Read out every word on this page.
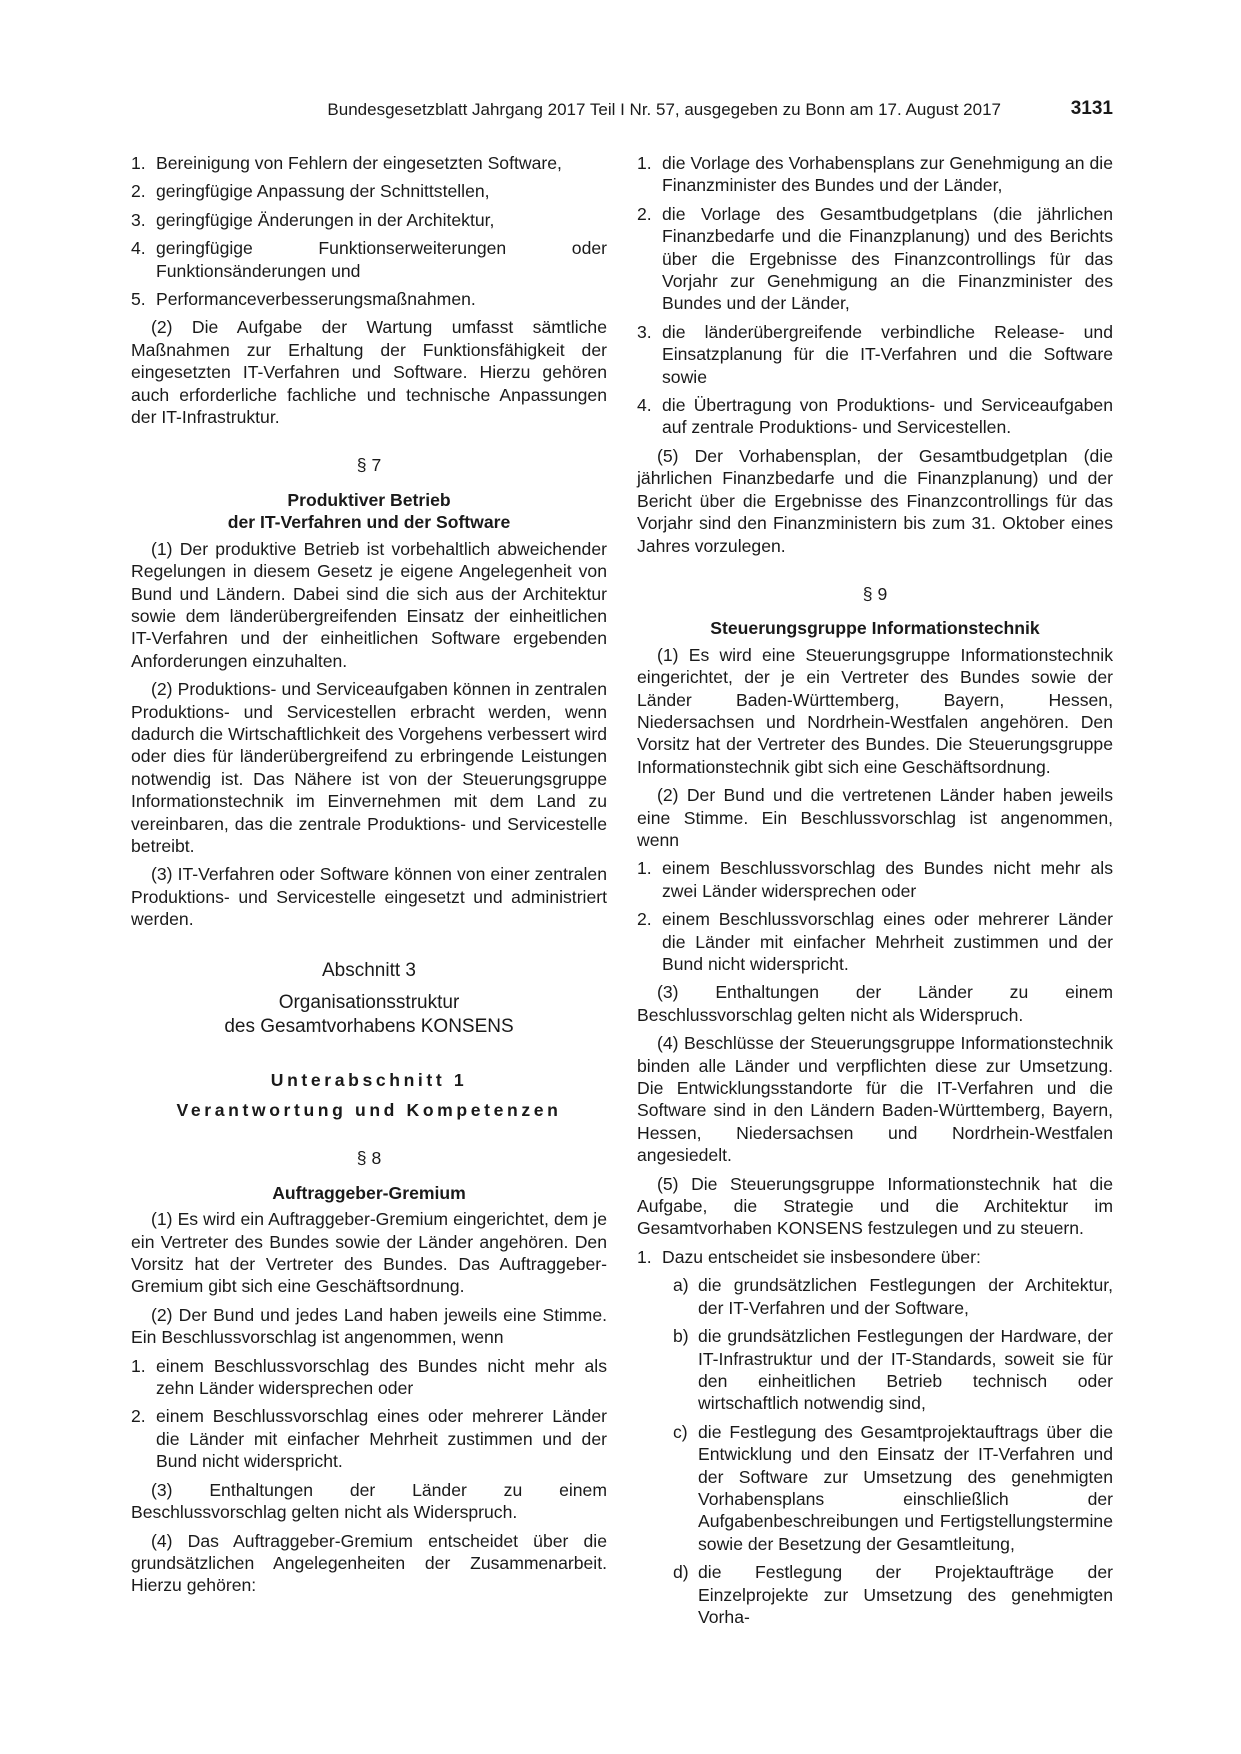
Bundesgesetzblatt Jahrgang 2017 Teil I Nr. 57, ausgegeben zu Bonn am 17. August 2017	3131
1. Bereinigung von Fehlern der eingesetzten Software,
2. geringfügige Anpassung der Schnittstellen,
3. geringfügige Änderungen in der Architektur,
4. geringfügige Funktionserweiterungen oder Funktionsänderungen und
5. Performanceverbesserungsmaßnahmen.

(2) Die Aufgabe der Wartung umfasst sämtliche Maßnahmen zur Erhaltung der Funktionsfähigkeit der eingesetzten IT-Verfahren und Software. Hierzu gehören auch erforderliche fachliche und technische Anpassungen der IT-Infrastruktur.

§ 7
Produktiver Betrieb
der IT-Verfahren und der Software

(1) Der produktive Betrieb ist vorbehaltlich abweichender Regelungen in diesem Gesetz je eigene Angelegenheit von Bund und Ländern. Dabei sind die sich aus der Architektur sowie dem länderübergreifenden Einsatz der einheitlichen IT-Verfahren und der einheitlichen Software ergebenden Anforderungen einzuhalten.

(2) Produktions- und Serviceaufgaben können in zentralen Produktions- und Servicestellen erbracht werden, wenn dadurch die Wirtschaftlichkeit des Vorgehens verbessert wird oder dies für länderübergreifend zu erbringende Leistungen notwendig ist. Das Nähere ist von der Steuerungsgruppe Informationstechnik im Einvernehmen mit dem Land zu vereinbaren, das die zentrale Produktions- und Servicestelle betreibt.

(3) IT-Verfahren oder Software können von einer zentralen Produktions- und Servicestelle eingesetzt und administriert werden.

Abschnitt 3
Organisationsstruktur
des Gesamtvorhabens KONSENS
Unterabschnitt 1
Verantwortung und Kompetenzen
§ 8
Auftraggeber-Gremium

(1) Es wird ein Auftraggeber-Gremium eingerichtet, dem je ein Vertreter des Bundes sowie der Länder angehören. Den Vorsitz hat der Vertreter des Bundes. Das Auftraggeber-Gremium gibt sich eine Geschäftsordnung.

(2) Der Bund und jedes Land haben jeweils eine Stimme. Ein Beschlussvorschlag ist angenommen, wenn

1. einem Beschlussvorschlag des Bundes nicht mehr als zehn Länder widersprechen oder
2. einem Beschlussvorschlag eines oder mehrerer Länder die Länder mit einfacher Mehrheit zustimmen und der Bund nicht widerspricht.

(3) Enthaltungen der Länder zu einem Beschlussvorschlag gelten nicht als Widerspruch.

(4) Das Auftraggeber-Gremium entscheidet über die grundsätzlichen Angelegenheiten der Zusammenarbeit. Hierzu gehören:

1. die Vorlage des Vorhabensplans zur Genehmigung an die Finanzminister des Bundes und der Länder,
2. die Vorlage des Gesamtbudgetplans (die jährlichen Finanzbedarfe und die Finanzplanung) und des Berichts über die Ergebnisse des Finanzcontrollings für das Vorjahr zur Genehmigung an die Finanzminister des Bundes und der Länder,
3. die länderübergreifende verbindliche Release- und Einsatzplanung für die IT-Verfahren und die Software sowie
4. die Übertragung von Produktions- und Serviceaufgaben auf zentrale Produktions- und Servicestellen.

(5) Der Vorhabensplan, der Gesamtbudgetplan (die jährlichen Finanzbedarfe und die Finanzplanung) und der Bericht über die Ergebnisse des Finanzcontrollings für das Vorjahr sind den Finanzministern bis zum 31. Oktober eines Jahres vorzulegen.

§ 9
Steuerungsgruppe Informationstechnik

(1) Es wird eine Steuerungsgruppe Informationstechnik eingerichtet, der je ein Vertreter des Bundes sowie der Länder Baden-Württemberg, Bayern, Hessen, Niedersachsen und Nordrhein-Westfalen angehören. Den Vorsitz hat der Vertreter des Bundes. Die Steuerungsgruppe Informationstechnik gibt sich eine Geschäftsordnung.

(2) Der Bund und die vertretenen Länder haben jeweils eine Stimme. Ein Beschlussvorschlag ist angenommen, wenn

1. einem Beschlussvorschlag des Bundes nicht mehr als zwei Länder widersprechen oder
2. einem Beschlussvorschlag eines oder mehrerer Länder die Länder mit einfacher Mehrheit zustimmen und der Bund nicht widerspricht.

(3) Enthaltungen der Länder zu einem Beschlussvorschlag gelten nicht als Widerspruch.

(4) Beschlüsse der Steuerungsgruppe Informationstechnik binden alle Länder und verpflichten diese zur Umsetzung. Die Entwicklungsstandorte für die IT-Verfahren und die Software sind in den Ländern Baden-Württemberg, Bayern, Hessen, Niedersachsen und Nordrhein-Westfalen angesiedelt.

(5) Die Steuerungsgruppe Informationstechnik hat die Aufgabe, die Strategie und die Architektur im Gesamtvorhaben KONSENS festzulegen und zu steuern.

1. Dazu entscheidet sie insbesondere über:
a) die grundsätzlichen Festlegungen der Architektur, der IT-Verfahren und der Software,
b) die grundsätzlichen Festlegungen der Hardware, der IT-Infrastruktur und der IT-Standards, soweit sie für den einheitlichen Betrieb technisch oder wirtschaftlich notwendig sind,
c) die Festlegung des Gesamtprojektauftrags über die Entwicklung und den Einsatz der IT-Verfahren und der Software zur Umsetzung des genehmigten Vorhabensplans einschließlich der Aufgabenbeschreibungen und Fertigstellungstermine sowie der Besetzung der Gesamtleitung,
d) die Festlegung der Projektaufträge der Einzelprojekte zur Umsetzung des genehmigten Vorha-
